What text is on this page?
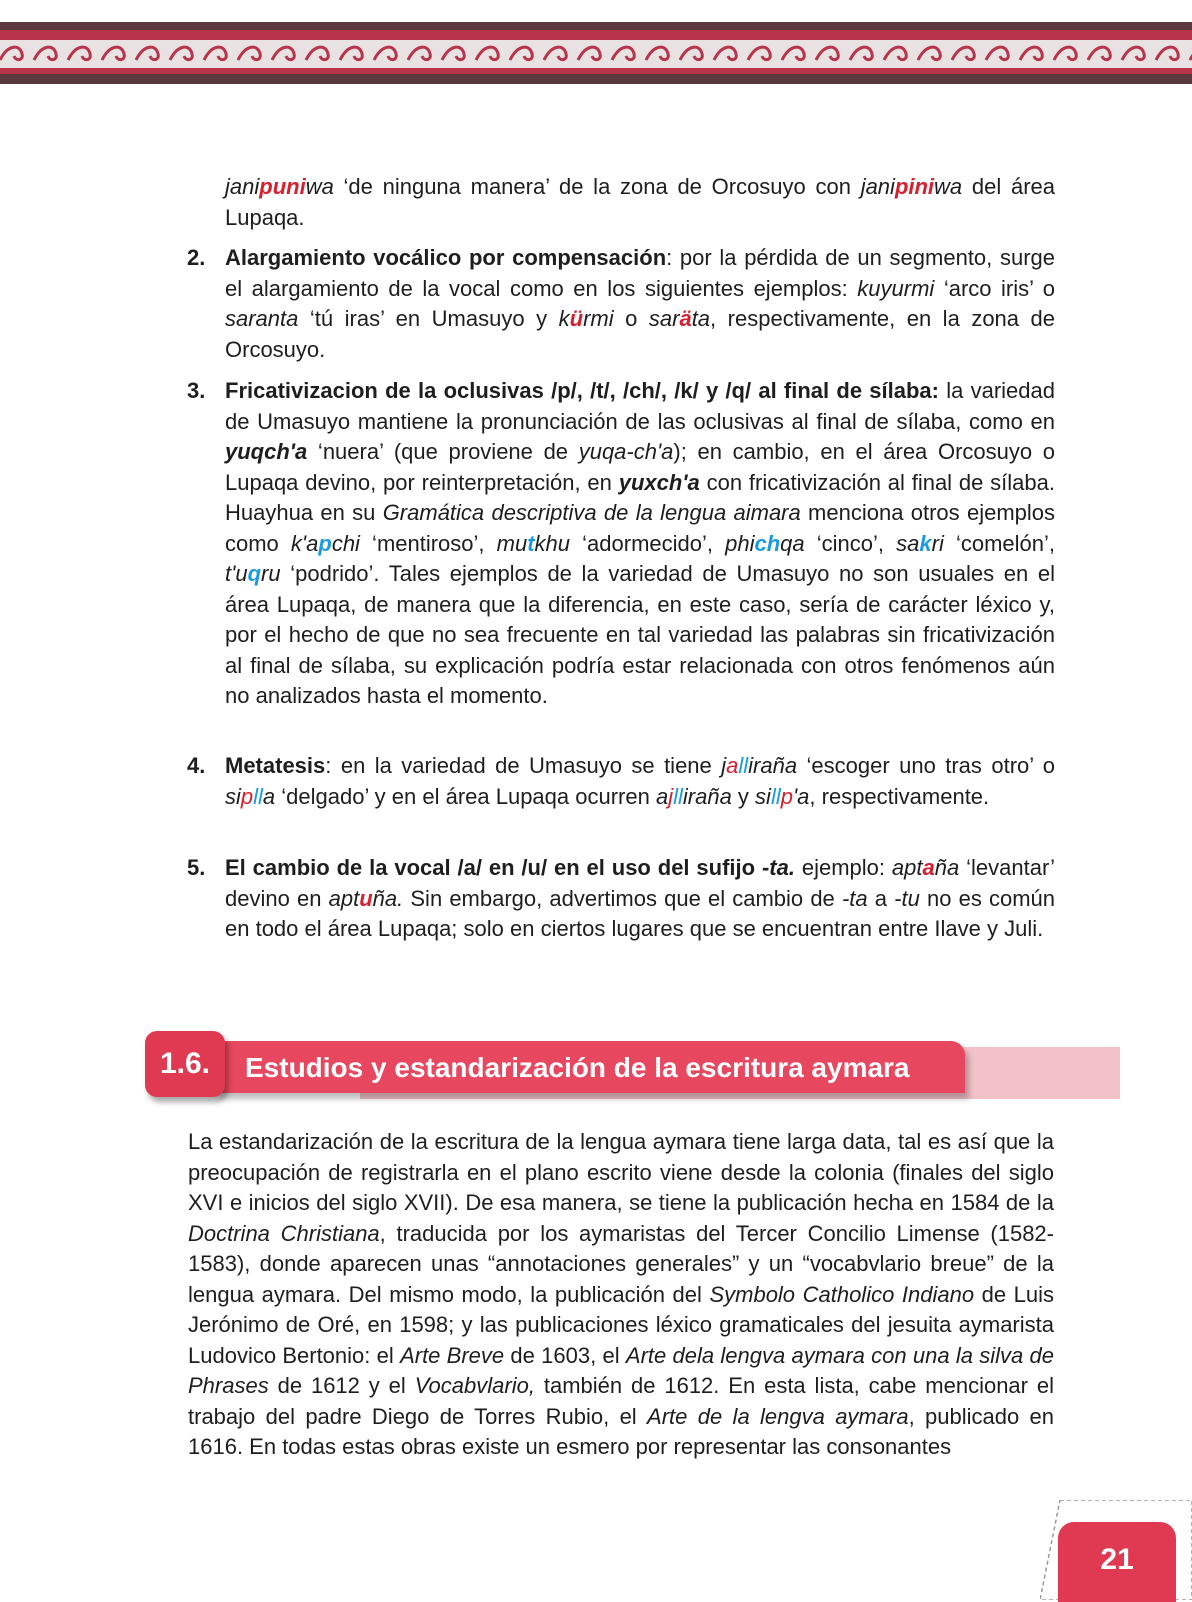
janipuniwa ‘de ninguna manera’ de la zona de Orcosuyo con janipiniwa del área Lupaqa.

2. Alargamiento vocálico por compensación: por la pérdida de un segmento, surge el alargamiento de la vocal como en los siguientes ejemplos: kuyurmi ‘arco iris’ o saranta ‘tú iras’ en Umasuyo y kürmi o saräta, respectivamente, en la zona de Orcosuyo.
3. Fricativizacion de la oclusivas /p/, /t/, /ch/, /k/ y /q/ al final de sílaba: la variedad de Umasuyo mantiene la pronunciación de las oclusivas al final de sílaba, como en yuqch'a ‘nuera’ (que proviene de yuqa-ch'a); en cambio, en el área Orcosuyo o Lupaqa devino, por reinterpretación, en yuxch'a con fricativización al final de sílaba. Huayhua en su Gramática descriptiva de la lengua aimara menciona otros ejemplos como k'apchi ‘mentiroso’, mutkhu ‘adormecido’, phichqa ‘cinco’, sakri ‘comelón’, t'uqru ‘podrido’. Tales ejemplos de la variedad de Umasuyo no son usuales en el área Lupaqa, de manera que la diferencia, en este caso, sería de carácter léxico y, por el hecho de que no sea frecuente en tal variedad las palabras sin fricativización al final de sílaba, su explicación podría estar relacionada con otros fenómenos aún no analizados hasta el momento.
4. Metatesis: en la variedad de Umasuyo se tiene jalliraña ‘escoger uno tras otro’ o siplla ‘delgado’ y en el área Lupaqa ocurren ajlliraña y sillp'a, respectivamente.
5. El cambio de la vocal /a/ en /u/ en el uso del sufijo -ta. ejemplo: aptaña ‘levantar’ devino en aptuña. Sin embargo, advertimos que el cambio de -ta a -tu no es común en todo el área Lupaqa; solo en ciertos lugares que se encuentran entre Ilave y Juli.
1.6.	Estudios y estandarización de la escritura aymara

La estandarización de la escritura de la lengua aymara tiene larga data, tal es así que la preocupación de registrarla en el plano escrito viene desde la colonia (finales del siglo XVI e inicios del siglo XVII). De esa manera, se tiene la publicación hecha en 1584 de la Doctrina Christiana, traducida por los aymaristas del Tercer Concilio Limense (1582-1583), donde aparecen unas “annotaciones generales” y un “vocabvlario breue” de la lengua aymara. Del mismo modo, la publicación del Symbolo Catholico Indiano de Luis Jerónimo de Oré, en 1598; y las publicaciones léxico gramaticales del jesuita aymarista Ludovico Bertonio: el Arte Breve de 1603, el Arte dela lengva aymara con una la silva de Phrases de 1612 y el Vocabvlario, también de 1612. En esta lista, cabe mencionar el trabajo del padre Diego de Torres Rubio, el Arte de la lengva aymara, publicado en 1616. En todas estas obras existe un esmero por representar las consonantes

21
